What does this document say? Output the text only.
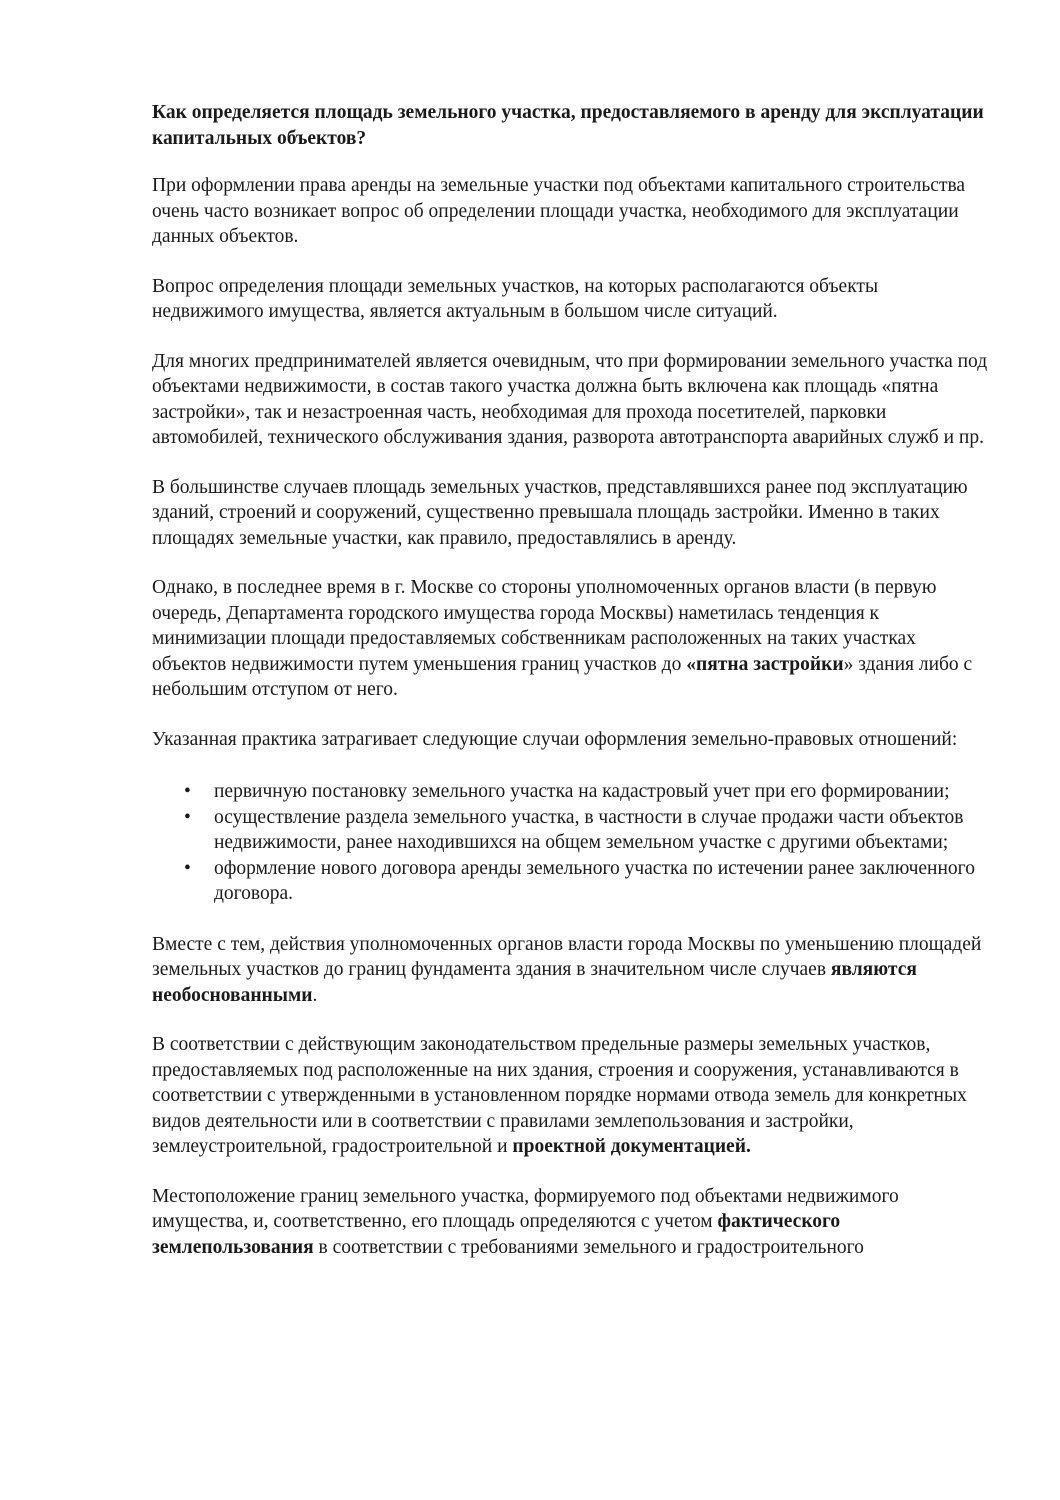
Как определяется площадь земельного участка, предоставляемого в аренду для эксплуатации капитальных объектов?

При оформлении права аренды на земельные участки под объектами капитального строительства очень часто возникает вопрос об определении площади участка, необходимого для эксплуатации данных объектов.

Вопрос определения площади земельных участков, на которых располагаются объекты недвижимого имущества, является актуальным в большом числе ситуаций.

Для многих предпринимателей является очевидным, что при формировании земельного участка под объектами недвижимости, в состав такого участка должна быть включена как площадь «пятна застройки», так и незастроенная часть, необходимая для прохода посетителей, парковки автомобилей, технического обслуживания здания, разворота автотранспорта аварийных служб и пр.

В большинстве случаев площадь земельных участков, представлявшихся ранее под эксплуатацию зданий, строений и сооружений, существенно превышала площадь застройки. Именно в таких площадях земельные участки, как правило, предоставлялись в аренду.

Однако, в последнее время в г. Москве со стороны уполномоченных органов власти (в первую очередь, Департамента городского имущества города Москвы) наметилась тенденция к минимизации площади предоставляемых собственникам расположенных на таких участках объектов недвижимости путем уменьшения границ участков до «пятна застройки» здания либо с небольшим отступом от него.

Указанная практика затрагивает следующие случаи оформления земельно-правовых отношений:

• первичную постановку земельного участка на кадастровый учет при его формировании;
• осуществление раздела земельного участка, в частности в случае продажи части объектов недвижимости, ранее находившихся на общем земельном участке с другими объектами;
• оформление нового договора аренды земельного участка по истечении ранее заключенного договора.

Вместе с тем, действия уполномоченных органов власти города Москвы по уменьшению площадей земельных участков до границ фундамента здания в значительном числе случаев являются необоснованными.

В соответствии с действующим законодательством предельные размеры земельных участков, предоставляемых под расположенные на них здания, строения и сооружения, устанавливаются в соответствии с утвержденными в установленном порядке нормами отвода земель для конкретных видов деятельности или в соответствии с правилами землепользования и застройки, землеустроительной, градостроительной и проектной документацией.

Местоположение границ земельного участка, формируемого под объектами недвижимого имущества, и, соответственно, его площадь определяются с учетом фактического землепользования в соответствии с требованиями земельного и градостроительного
